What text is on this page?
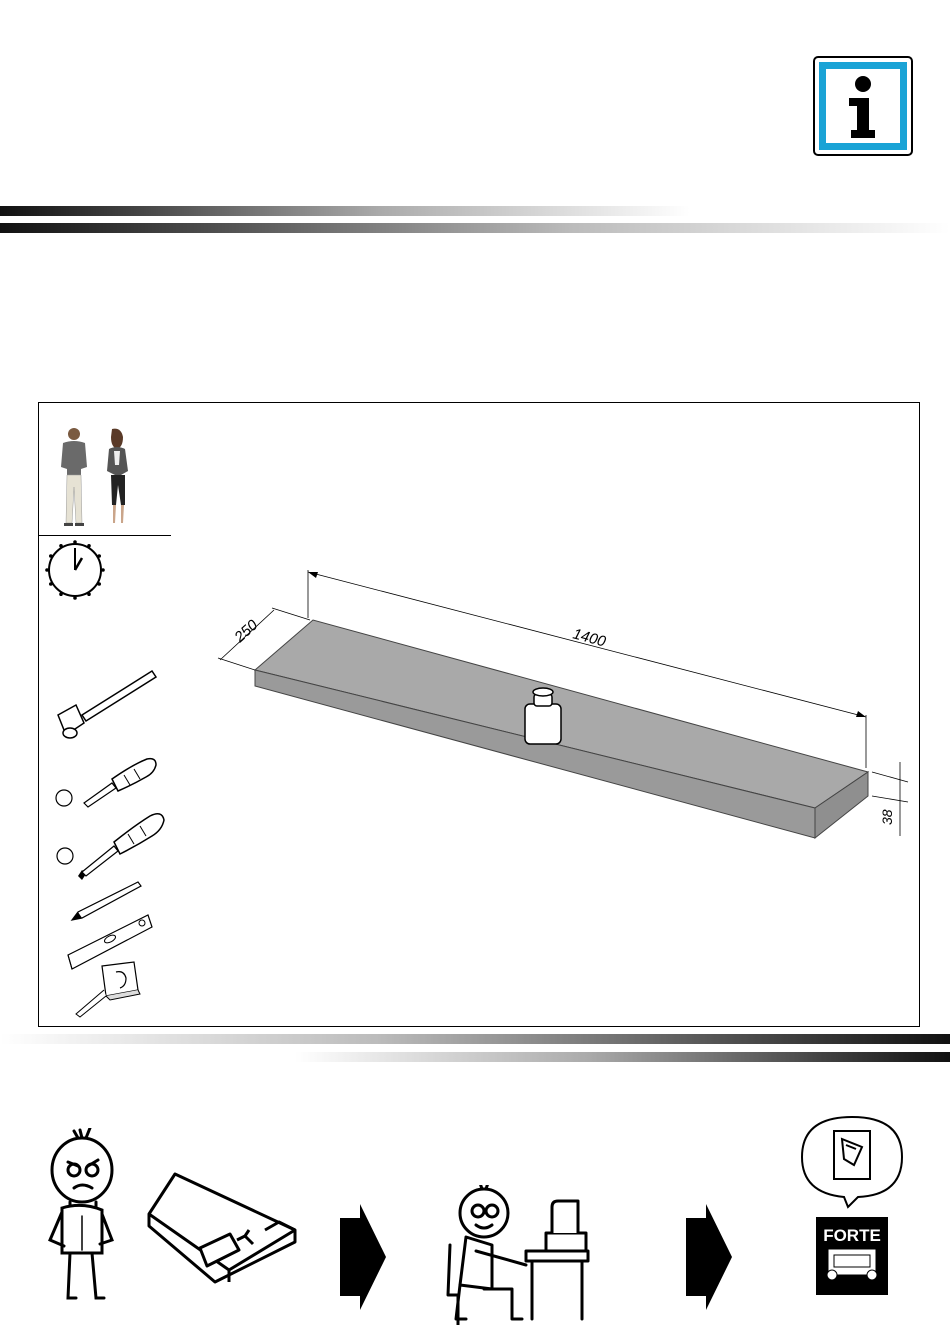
i
1400
250
38
FORTE
